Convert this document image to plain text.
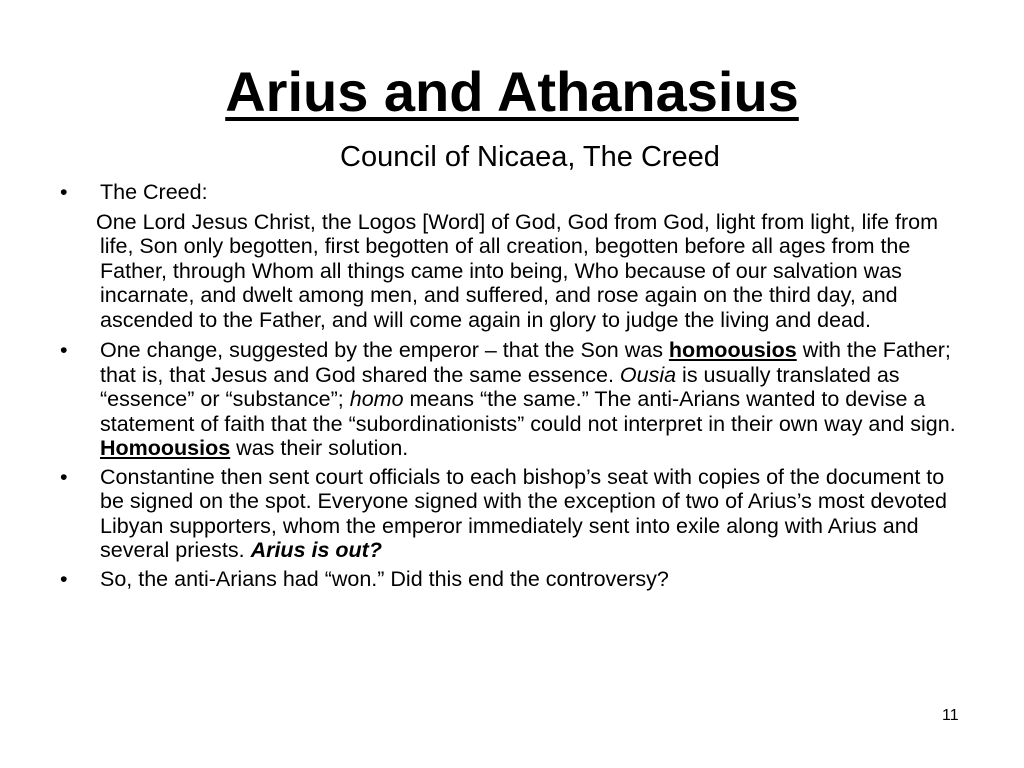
Arius and Athanasius
Council of Nicaea, The Creed
• The Creed:
One Lord Jesus Christ, the Logos [Word] of God, God from God, light from light, life from life, Son only begotten, first begotten of all creation, begotten before all ages from the Father, through Whom all things came into being, Who because of our salvation was incarnate, and dwelt among men, and suffered, and rose again on the third day, and ascended to the Father, and will come again in glory to judge the living and dead.
• One change, suggested by the emperor – that the Son was homoousios with the Father; that is, that Jesus and God shared the same essence. Ousia is usually translated as “essence” or “substance”; homo means “the same.” The anti-Arians wanted to devise a statement of faith that the “subordinationists” could not interpret in their own way and sign. Homoousios was their solution.
• Constantine then sent court officials to each bishop’s seat with copies of the document to be signed on the spot. Everyone signed with the exception of two of Arius’s most devoted Libyan supporters, whom the emperor immediately sent into exile along with Arius and several priests. Arius is out?
• So, the anti-Arians had “won.” Did this end the controversy?
11
